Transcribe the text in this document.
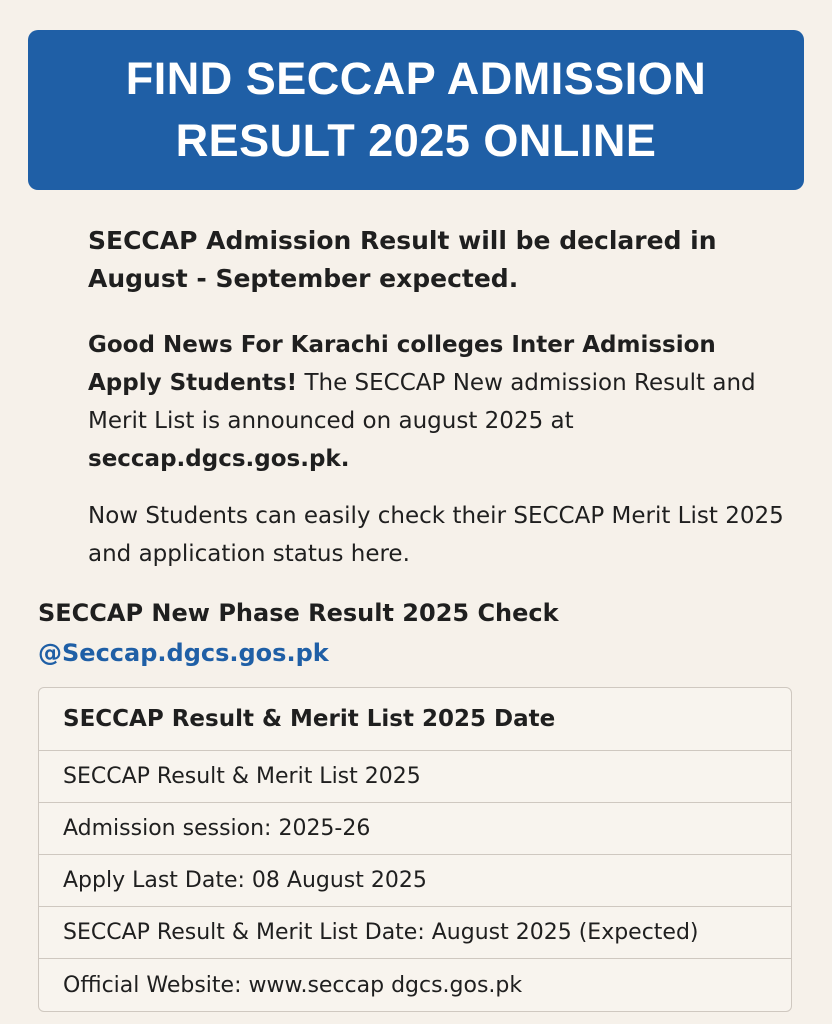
FIND SECCAP ADMISSION
RESULT 2025 ONLINE

SECCAP Admission Result will be declared in August - September expected.

Good News For Karachi colleges Inter Admission Apply Students! The SECCAP New admission Result and Merit List is announced on august 2025 at seccap.dgcs.gos.pk.

Now Students can easily check their SECCAP Merit List 2025 and application status here.

SECCAP New Phase Result 2025 Check @Seccap.dgcs.gos.pk

SECCAP Result & Merit List 2025 Date
SECCAP Result & Merit List 2025
Admission session: 2025-26
Apply Last Date: 08 August 2025
SECCAP Result & Merit List Date: August 2025 (Expected)
Official Website: www.seccap dgcs.gos.pk
